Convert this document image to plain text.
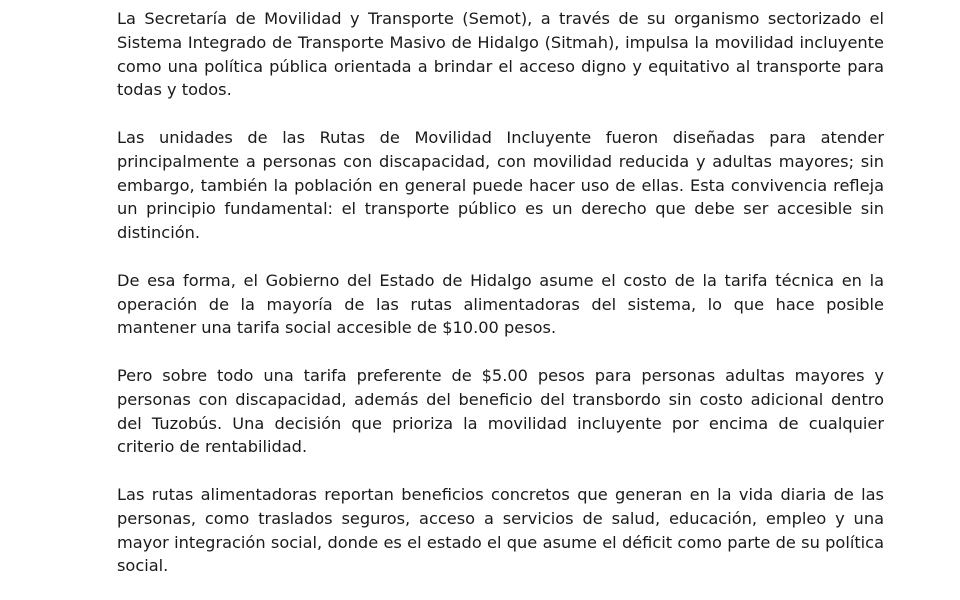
La Secretaría de Movilidad y Transporte (Semot), a través de su organismo sectorizado el Sistema Integrado de Transporte Masivo de Hidalgo (Sitmah), impulsa la movilidad incluyente como una política pública orientada a brindar el acceso digno y equitativo al transporte para todas y todos.

Las unidades de las Rutas de Movilidad Incluyente fueron diseñadas para atender principalmente a personas con discapacidad, con movilidad reducida y adultas mayores; sin embargo, también la población en general puede hacer uso de ellas. Esta convivencia refleja un principio fundamental: el transporte público es un derecho que debe ser accesible sin distinción.

De esa forma, el Gobierno del Estado de Hidalgo asume el costo de la tarifa técnica en la operación de la mayoría de las rutas alimentadoras del sistema, lo que hace posible mantener una tarifa social accesible de $10.00 pesos.

Pero sobre todo una tarifa preferente de $5.00 pesos para personas adultas mayores y personas con discapacidad, además del beneficio del transbordo sin costo adicional dentro del Tuzobús. Una decisión que prioriza la movilidad incluyente por encima de cualquier criterio de rentabilidad.

Las rutas alimentadoras reportan beneficios concretos que generan en la vida diaria de las personas, como traslados seguros, acceso a servicios de salud, educación, empleo y una mayor integración social, donde es el estado el que asume el déficit como parte de su política social.
